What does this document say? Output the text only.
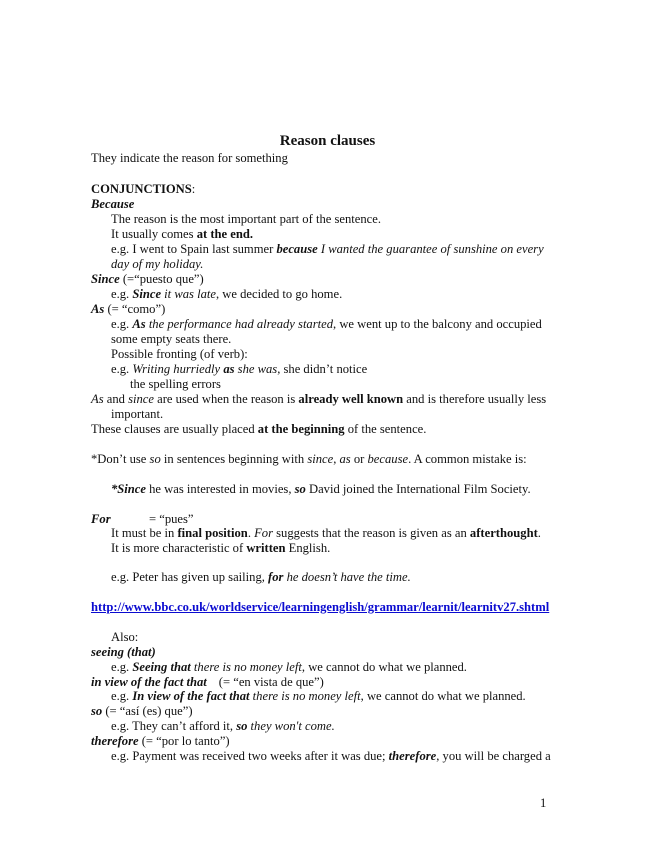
Reason clauses
They indicate the reason for something
CONJUNCTIONS:
Because
The reason is the most important part of the sentence.
It usually comes at the end.
e.g. I went to Spain last summer because I wanted the guarantee of sunshine on every
day of my holiday.
Since (=“puesto que”)
e.g. Since it was late, we decided to go home.
As (= “como”)
e.g. As the performance had already started, we went up to the balcony and occupied
some empty seats there.
Possible fronting (of verb):
e.g. Writing hurriedly as she was, she didn’t notice
the spelling errors
As and since are used when the reason is already well known and is therefore usually less
important.
These clauses are usually placed at the beginning of the sentence.
*Don’t use so in sentences beginning with since, as or because. A common mistake is:
*Since he was interested in movies, so David joined the International Film Society.
For	= “pues”
It must be in final position. For suggests that the reason is given as an afterthought.
It is more characteristic of written English.
e.g. Peter has given up sailing, for he doesn’t have the time.
http://www.bbc.co.uk/worldservice/learningenglish/grammar/learnit/learnitv27.shtml
Also:
seeing (that)
e.g. Seeing that there is no money left, we cannot do what we planned.
in view of the fact that (= “en vista de que”)
e.g. In view of the fact that there is no money left, we cannot do what we planned.
so (= “así (es) que”)
e.g. They can’t afford it, so they won't come.
therefore (= “por lo tanto”)
e.g. Payment was received two weeks after it was due; therefore, you will be charged a
1
